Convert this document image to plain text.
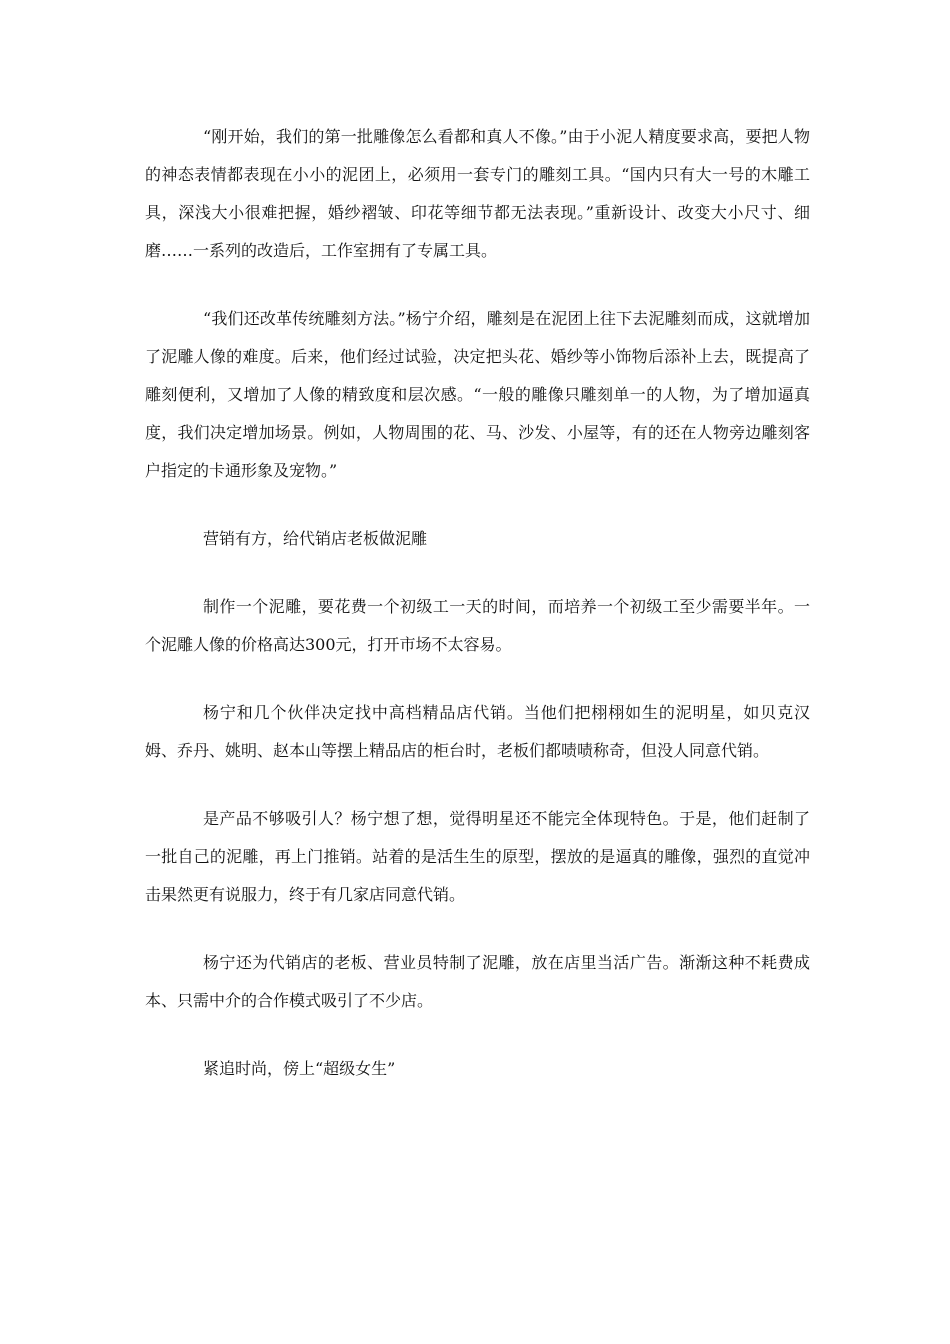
“刚开始，我们的第一批雕像怎么看都和真人不像。”由于小泥人精度要求高，要把人物的神态表情都表现在小小的泥团上，必须用一套专门的雕刻工具。“国内只有大一号的木雕工具，深浅大小很难把握，婚纱褶皱、印花等细节都无法表现。”重新设计、改变大小尺寸、细磨……一系列的改造后，工作室拥有了专属工具。

“我们还改革传统雕刻方法。”杨宁介绍，雕刻是在泥团上往下去泥雕刻而成，这就增加了泥雕人像的难度。后来，他们经过试验，决定把头花、婚纱等小饰物后添补上去，既提高了雕刻便利，又增加了人像的精致度和层次感。“一般的雕像只雕刻单一的人物，为了增加逼真度，我们决定增加场景。例如，人物周围的花、马、沙发、小屋等，有的还在人物旁边雕刻客户指定的卡通形象及宠物。”

营销有方，给代销店老板做泥雕

制作一个泥雕，要花费一个初级工一天的时间，而培养一个初级工至少需要半年。一个泥雕人像的价格高达300元，打开市场不太容易。

杨宁和几个伙伴决定找中高档精品店代销。当他们把栩栩如生的泥明星，如贝克汉姆、乔丹、姚明、赵本山等摆上精品店的柜台时，老板们都啧啧称奇，但没人同意代销。

是产品不够吸引人？杨宁想了想，觉得明星还不能完全体现特色。于是，他们赶制了一批自己的泥雕，再上门推销。站着的是活生生的原型，摆放的是逼真的雕像，强烈的直觉冲击果然更有说服力，终于有几家店同意代销。

杨宁还为代销店的老板、营业员特制了泥雕，放在店里当活广告。渐渐这种不耗费成本、只需中介的合作模式吸引了不少店。

紧追时尚，傍上“超级女生”
